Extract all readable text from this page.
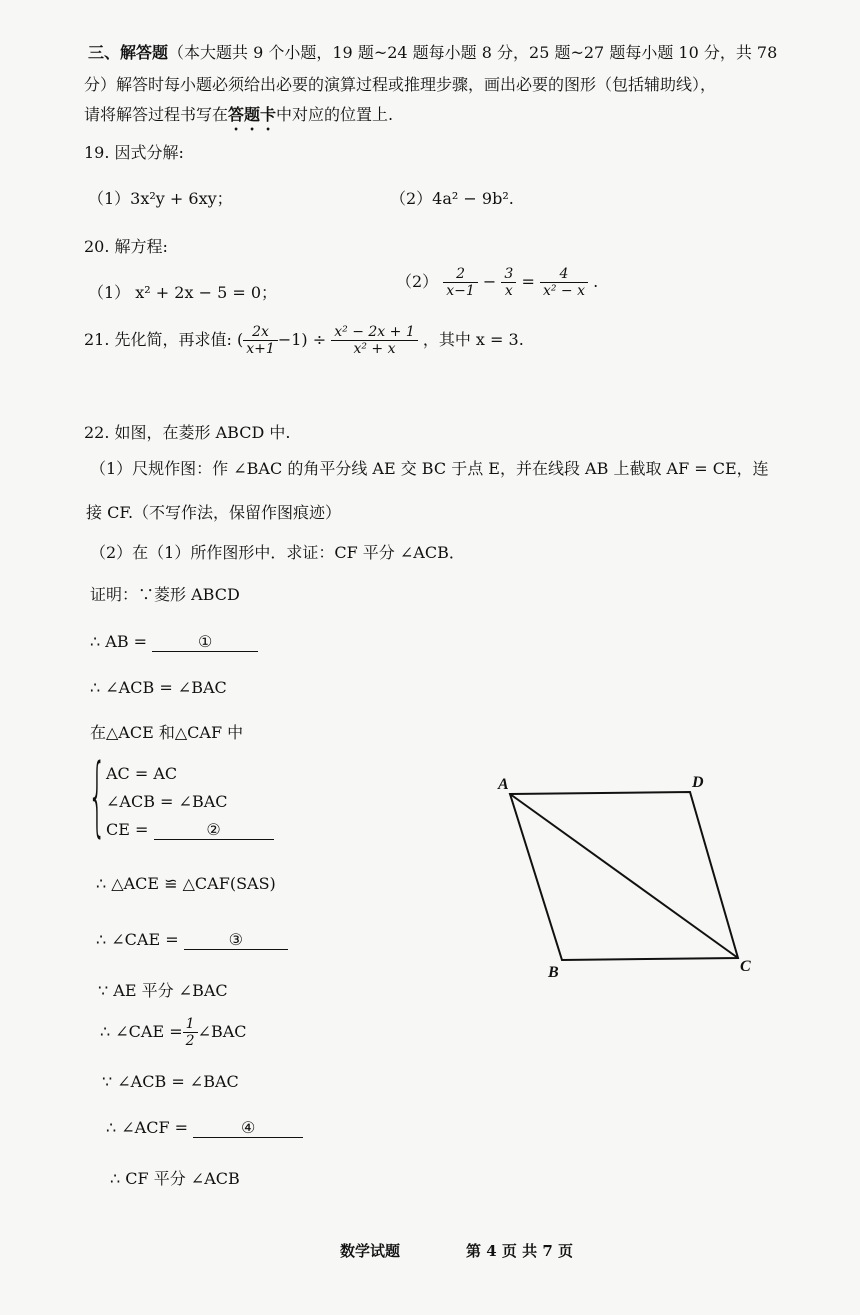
三、解答题（本大题共 9 个小题，19 题~24 题每小题 8 分，25 题~27 题每小题 10 分，共 78
分）解答时每小题必须给出必要的演算过程或推理步骤，画出必要的图形（包括辅助线），
请将解答过程书写在答题卡中对应的位置上.
19. 因式分解:
（1）3x²y + 6xy；	（2）4a² − 9b².
20. 解方程:
（1） x² + 2x − 5 = 0；
$(2) \frac{2}{x-1} - \frac{3}{x} = \frac{4}{\text{x² − x}}$ .
21. 先化简，再求值: ( $\frac{2x}{x+1} -1) \div \frac{\text{x² − 2x + 1}}{\text{x² + x}}$ ，其中 x = 3.
22. 如图，在菱形 ABCD 中.
（1）尺规作图：作 ∠BAC 的角平分线 AE 交 BC 于点 E，并在线段 AB 上截取 AF = CE，连
接 CF.（不写作法，保留作图痕迹）
（2）在（1）所作图形中．求证：CF 平分 ∠ACB．
证明：∵菱形 ABCD
∴ AB =	①
∴ ∠ACB = ∠BAC
在△ACE 和△CAF 中
{ AC = AC
∠ACB = ∠BAC
CE =	②
∴ △ACE ≌ △CAF(SAS)
∴ ∠CAE =	③
∵ AE 平分 ∠BAC
∴ ∠CAE = $\frac{1}{2}$ ∠BAC
∵ ∠ACB = ∠BAC
∴ ∠ACF =	④
∴ CF 平分 ∠ACB
A	D
B	C
数学试题	第 4 页 共 7 页
